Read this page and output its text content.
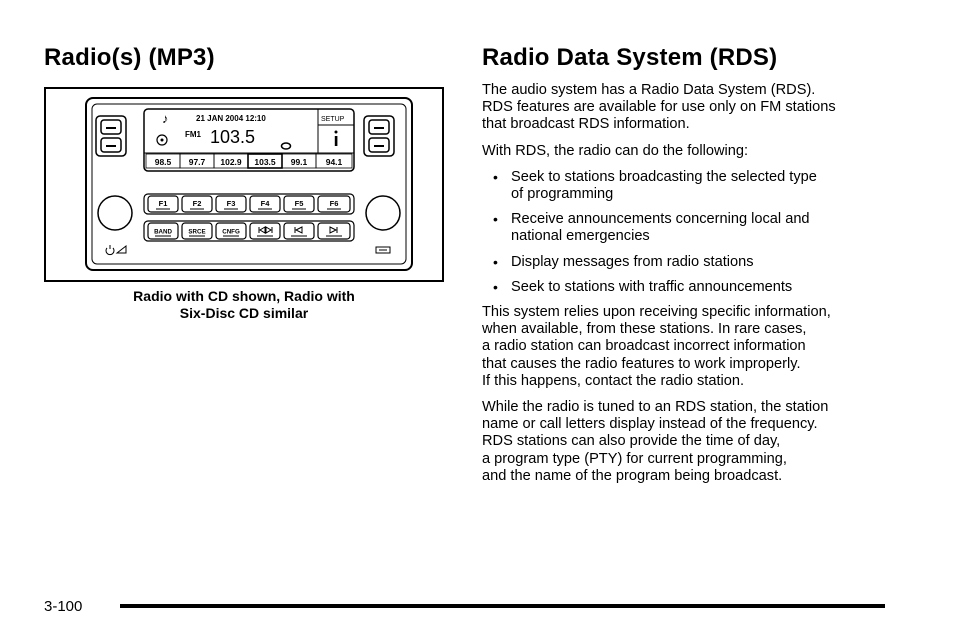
Radio(s) (MP3)	Radio Data System (RDS)
♪	21 JAN 2004 12:10
FM1 103.5
SETUP
98.5 97.7 102.9 103.5 99.1 94.1
F1	F2	F3	F4	F5	F6
BAND	SRCE	CNFG
Radio with CD shown, Radio with
Six-Disc CD similar

The audio system has a Radio Data System (RDS).
RDS features are available for use only on FM stations
that broadcast RDS information.

With RDS, the radio can do the following:

• Seek to stations broadcasting the selected type
of programming
• Receive announcements concerning local and
national emergencies
• Display messages from radio stations
• Seek to stations with traffic announcements

This system relies upon receiving specific information,
when available, from these stations. In rare cases,
a radio station can broadcast incorrect information
that causes the radio features to work improperly.
If this happens, contact the radio station.

While the radio is tuned to an RDS station, the station
name or call letters display instead of the frequency.
RDS stations can also provide the time of day,
a program type (PTY) for current programming,
and the name of the program being broadcast.

3-100
